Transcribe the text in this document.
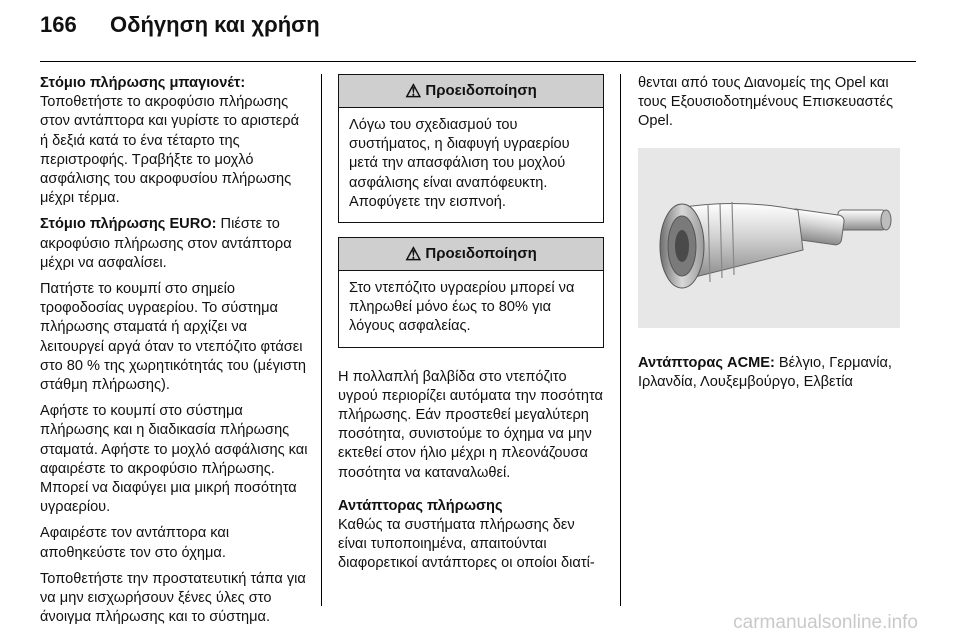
166 Οδήγηση και χρήση

Στόμιο πλήρωσης μπαγιονέτ: Τοποθετήστε το ακροφύσιο πλήρωσης στον αντάπτορα και γυρίστε το αριστερά ή δεξιά κατά το ένα τέταρτο της περιστροφής. Τραβήξτε το μοχλό ασφάλισης του ακροφυσίου πλήρωσης μέχρι τέρμα.

Στόμιο πλήρωσης EURO: Πιέστε το ακροφύσιο πλήρωσης στον αντάπτορα μέχρι να ασφαλίσει.

Πατήστε το κουμπί στο σημείο τροφοδοσίας υγραερίου. Το σύστημα πλήρωσης σταματά ή αρχίζει να λειτουργεί αργά όταν το ντεπόζιτο φτάσει στο 80 % της χωρητικότητάς του (μέγιστη στάθμη πλήρωσης).

Αφήστε το κουμπί στο σύστημα πλήρωσης και η διαδικασία πλήρωσης σταματά. Αφήστε το μοχλό ασφάλισης και αφαιρέστε το ακροφύσιο πλήρωσης. Μπορεί να διαφύγει μια μικρή ποσότητα υγραερίου.

Αφαιρέστε τον αντάπτορα και αποθηκεύστε τον στο όχημα.

Τοποθετήστε την προστατευτική τάπα για να μην εισχωρήσουν ξένες ύλες στο άνοιγμα πλήρωσης και το σύστημα.

⚠ Προειδοποίηση
Λόγω του σχεδιασμού του συστήματος, η διαφυγή υγραερίου μετά την απασφάλιση του μοχλού ασφάλισης είναι αναπόφευκτη. Αποφύγετε την εισπνοή.
⚠ Προειδοποίηση
Στο ντεπόζιτο υγραερίου μπορεί να πληρωθεί μόνο έως το 80% για λόγους ασφαλείας.

Η πολλαπλή βαλβίδα στο ντεπόζιτο υγρού περιορίζει αυτόματα την ποσότητα πλήρωσης. Εάν προστεθεί μεγαλύτερη ποσότητα, συνιστούμε το όχημα να μην εκτεθεί στον ήλιο μέχρι η πλεονάζουσα ποσότητα να καταναλωθεί.

Αντάπτορας πλήρωσης
Καθώς τα συστήματα πλήρωσης δεν είναι τυποποιημένα, απαιτούνται διαφορετικοί αντάπτορες οι οποίοι διατί-

θενται από τους Διανομείς της Opel και τους Εξουσιοδοτημένους Επισκευαστές Opel.

Αντάπτορας ACME: Βέλγιο, Γερμανία, Ιρλανδία, Λουξεμβούργο, Ελβετία

carmanualsonline.info
